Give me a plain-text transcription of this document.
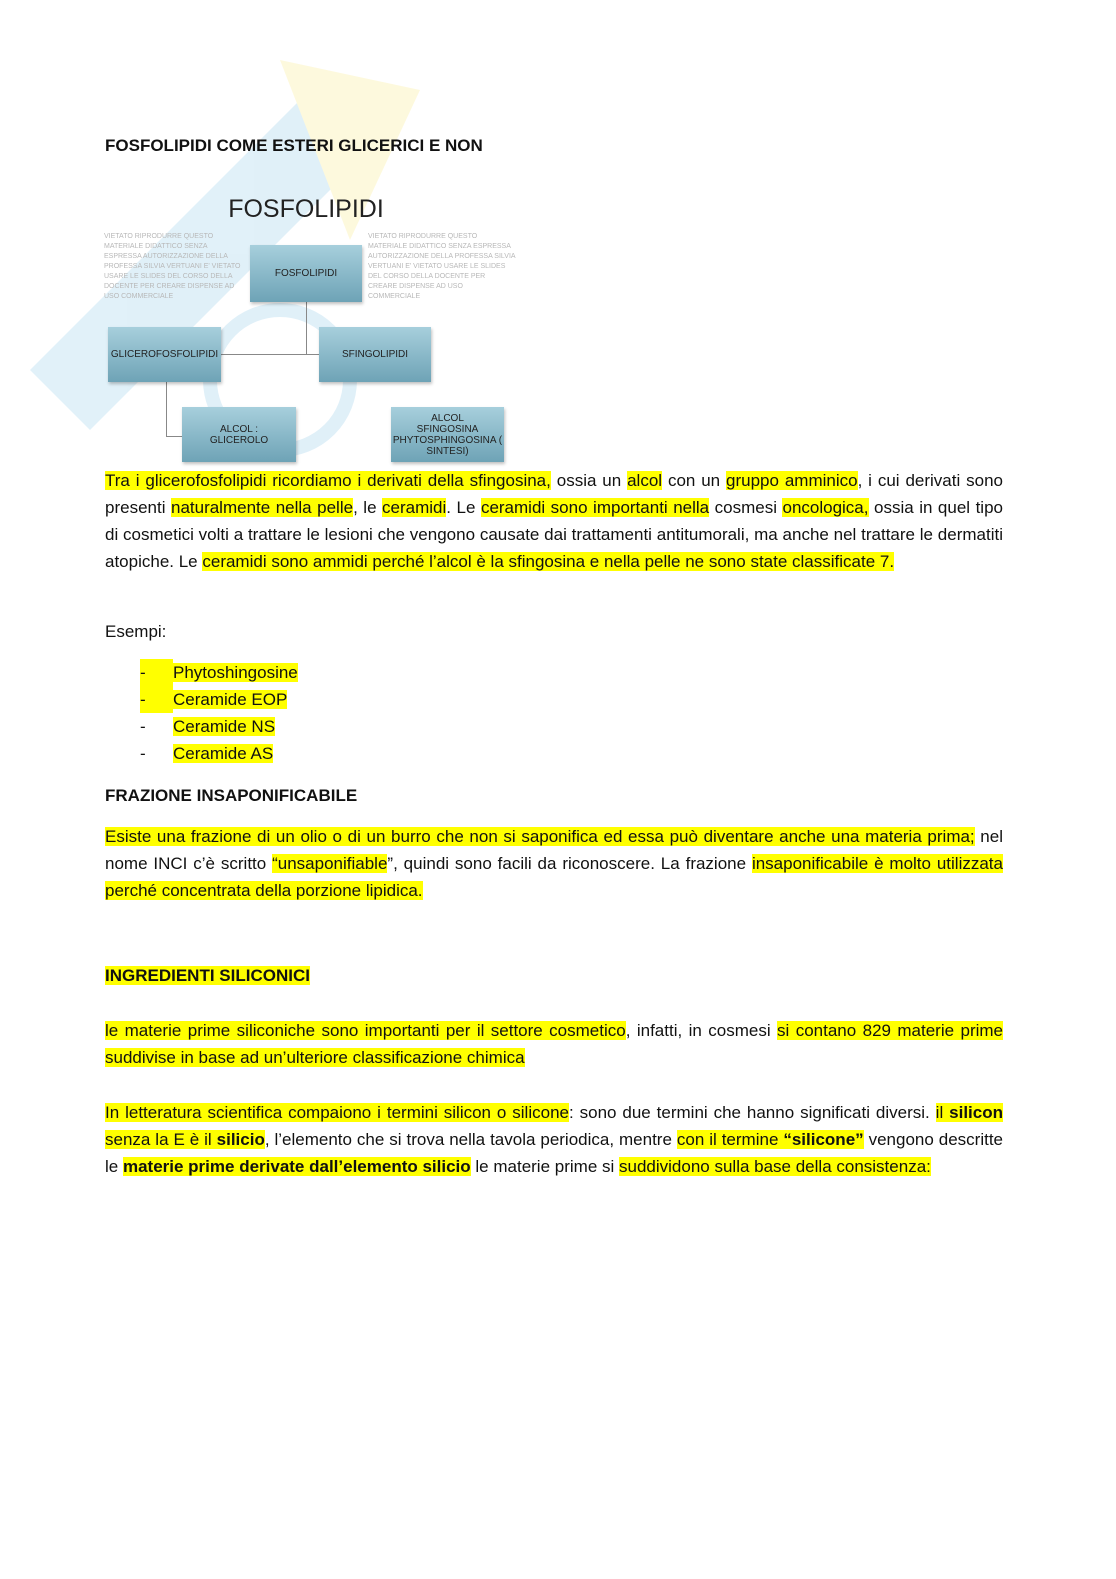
FOSFOLIPIDI COME ESTERI GLICERICI E NON
FOSFOLIPIDI
VIETATO RIPRODURRE QUESTO MATERIALE DIDATTICO SENZA ESPRESSA AUTORIZZAZIONE DELLA PROFESSA SILVIA VERTUANI E' VIETATO USARE LE SLIDES DEL CORSO DELLA DOCENTE PER CREARE DISPENSE AD USO COMMERCIALE
VIETATO RIPRODURRE QUESTO MATERIALE DIDATTICO SENZA ESPRESSA AUTORIZZAZIONE DELLA PROFESSA SILVIA VERTUANI E' VIETATO USARE LE SLIDES DEL CORSO DELLA DOCENTE PER CREARE DISPENSE AD USO COMMERCIALE
FOSFOLIPIDI
GLICEROFOSFOLIPIDI	SFINGOLIPIDI
ALCOL : GLICEROLO
ALCOL SFINGOSINA
PHYTOSPHINGOSINA ( SINTESI)
Tra i glicerofosfolipidi ricordiamo i derivati della sfingosina, ossia un alcol con un gruppo amminico, i cui derivati sono presenti naturalmente nella pelle, le ceramidi. Le ceramidi sono importanti nella cosmesi oncologica, ossia in quel tipo di cosmetici volti a trattare le lesioni che vengono causate dai trattamenti antitumorali, ma anche nel trattare le dermatiti atopiche. Le ceramidi sono ammidi perché l’alcol è la sfingosina e nella pelle ne sono state classificate 7.
Esempi:
- Phytoshingosine
- Ceramide EOP
- Ceramide NS
- Ceramide AS
FRAZIONE INSAPONIFICABILE
Esiste una frazione di un olio o di un burro che non si saponifica ed essa può diventare anche una materia prima; nel nome INCI c’è scritto “unsaponifiable”, quindi sono facili da riconoscere. La frazione insaponificabile è molto utilizzata perché concentrata della porzione lipidica.
INGREDIENTI SILICONICI
le materie prime siliconiche sono importanti per il settore cosmetico, infatti, in cosmesi si contano 829 materie prime suddivise in base ad un’ulteriore classificazione chimica
In letteratura scientifica compaiono i termini silicon o silicone: sono due termini che hanno significati diversi. il silicon senza la E è il silicio, l’elemento che si trova nella tavola periodica, mentre con il termine “silicone” vengono descritte le materie prime derivate dall’elemento silicio le materie prime si suddividono sulla base della consistenza:
